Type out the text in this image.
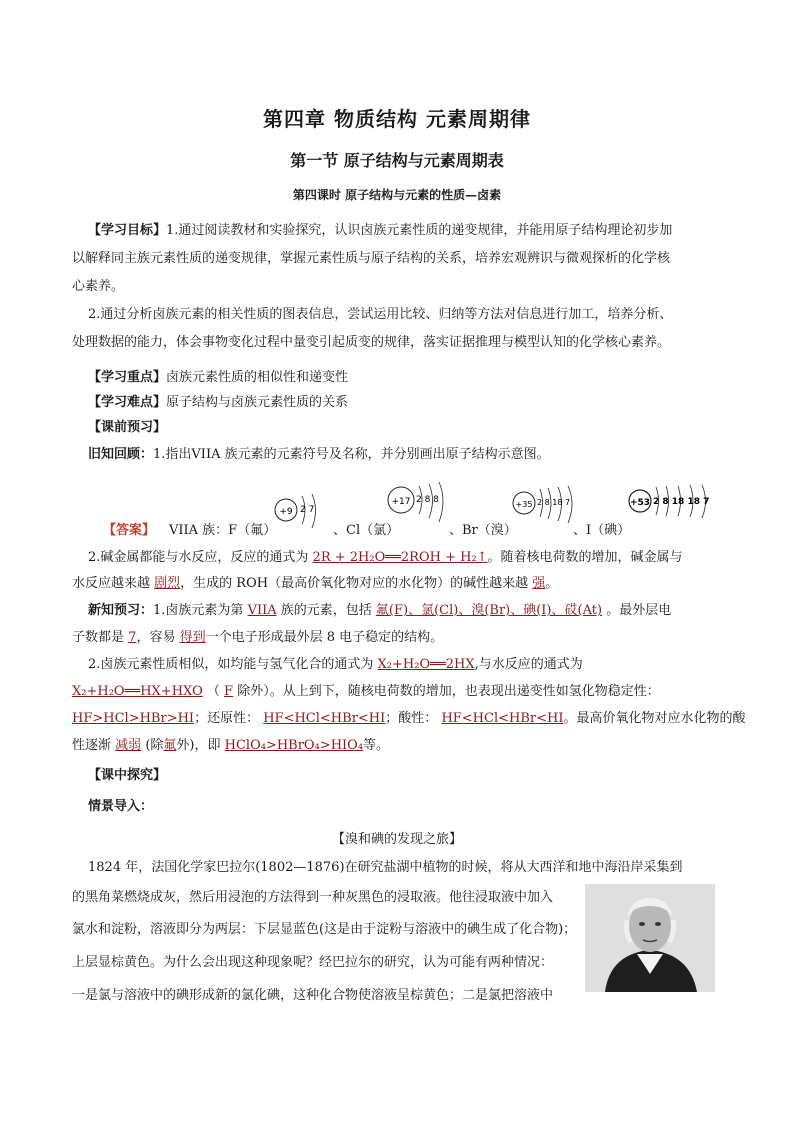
第四章 物质结构 元素周期律
第一节 原子结构与元素周期表
第四课时 原子结构与元素的性质—卤素
【学习目标】1.通过阅读教材和实验探究，认识卤族元素性质的递变规律，并能用原子结构理论初步加
以解释同主族元素性质的递变规律，掌握元素性质与原子结构的关系，培养宏观辨识与微观探析的化学核
心素养。
2.通过分析卤族元素的相关性质的图表信息，尝试运用比较、归纳等方法对信息进行加工，培养分析、
处理数据的能力，体会事物变化过程中量变引起质变的规律，落实证据推理与模型认知的化学核心素养。
【学习重点】卤族元素性质的相似性和递变性
【学习难点】原子结构与卤族元素性质的关系
【课前预习】
旧知回顾：1.指出VIIA 族元素的元素符号及名称，并分别画出原子结构示意图。
+9 2 7
+17 2 8 8	+35 2 8 18 7	+53 2 8 18 18 7
【答案】 VIIA 族：F（氟）	、Cl（氯）	、Br（溴）	、I（碘）
2.碱金属都能与水反应，反应的通式为 2R + 2H₂O══2ROH + H₂↑。随着核电荷数的增加，碱金属与
水反应越来越 剧烈，生成的 ROH（最高价氧化物对应的水化物）的碱性越来越 强。
新知预习：1.卤族元素为第 VIIA 族的元素，包括 氟(F)、氯(Cl)、溴(Br)、碘(I)、砹(At) 。最外层电
子数都是 7，容易 得到一个电子形成最外层 8 电子稳定的结构。
2.卤族元素性质相似，如均能与氢气化合的通式为 X₂+H₂O══2HX,与水反应的通式为
X₂+H₂O══HX+HXO （ F 除外）。从上到下，随核电荷数的增加，也表现出递变性如氢化物稳定性：
HF>HCl>HBr>HI；还原性： HF<HCl<HBr<HI；酸性： HF<HCl<HBr<HI。最高价氧化物对应水化物的酸
性逐渐 减弱 (除氟外)，即 HClO₄>HBrO₄>HIO₄等。
【课中探究】
情景导入：
【溴和碘的发现之旅】
1824 年，法国化学家巴拉尔(1802—1876)在研究盐湖中植物的时候，将从大西洋和地中海沿岸采集到
的黑角菜燃烧成灰，然后用浸泡的方法得到一种灰黑色的浸取液。他往浸取液中加入
氯水和淀粉，溶液即分为两层：下层显蓝色(这是由于淀粉与溶液中的碘生成了化合物)；
上层显棕黄色。为什么会出现这种现象呢？经巴拉尔的研究，认为可能有两种情况：
一是氯与溶液中的碘形成新的氯化碘，这种化合物使溶液呈棕黄色；二是氯把溶液中
